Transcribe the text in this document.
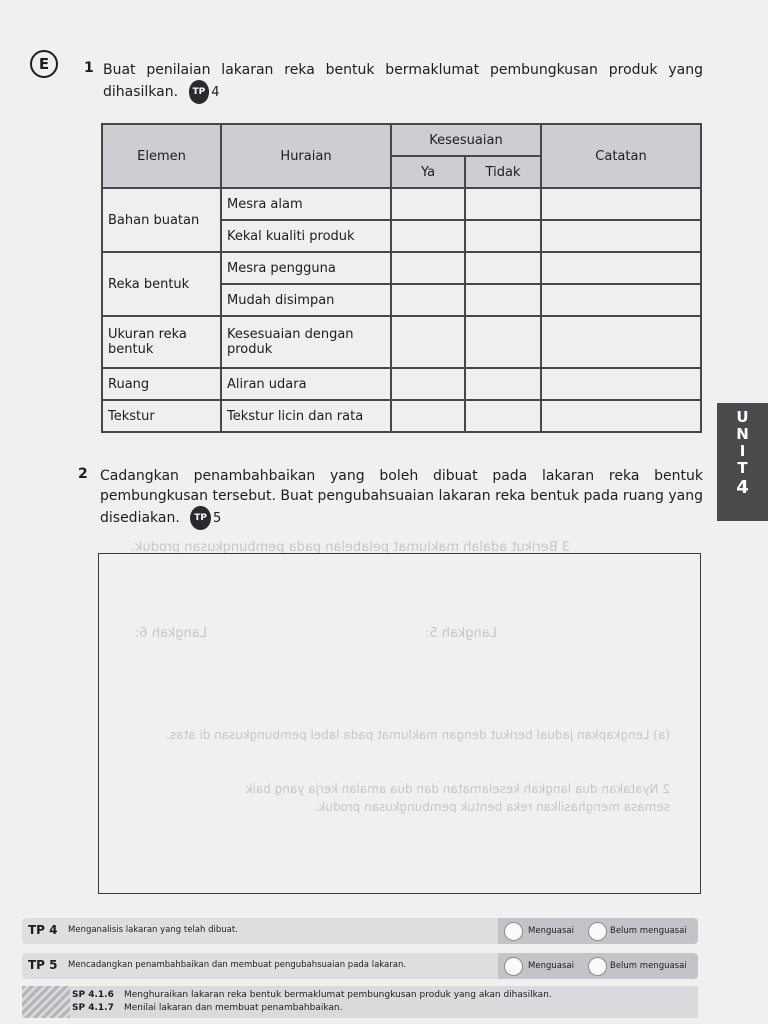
3 Berikut adalah maklumat pelabelan pada pembungkusan produk.
Langkah 5:
Langkah 6:
(a) Lengkapkan jadual berikut dengan maklumat pada label pembungkusan di atas.
2 Nyatakan dua langkah keselamatan dan dua amalan kerja yang baik semasa menghasilkan reka bentuk pembungkusan produk.
E	1 Buat penilaian lakaran reka bentuk bermaklumat pembungkusan produk yang dihasilkan. TP 4
Elemen	Huraian	Kesesuaian		Catatan
		Ya	Tidak	
Bahan buatan	Mesra alam			
	Kekal kualiti produk			
Reka bentuk	Mesra pengguna			
	Mudah disimpan			
Ukuran reka bentuk	Kesesuaian dengan produk			
Ruang	Aliran udara			
Tekstur	Tekstur licin dan rata			
2 Cadangkan penambahbaikan yang boleh dibuat pada lakaran reka bentuk pembungkusan tersebut. Buat pengubahsuaian lakaran reka bentuk pada ruang yang disediakan. TP 5
U
N
I
T
4
TP 4 Menganalisis lakaran yang telah dibuat.	Menguasai	Belum menguasai
TP 5 Mencadangkan penambahbaikan dan membuat pengubahsuaian pada lakaran.	Menguasai	Belum menguasai
SP 4.1.6 Menghuraikan lakaran reka bentuk bermaklumat pembungkusan produk yang akan dihasilkan.
SP 4.1.7 Menilai lakaran dan membuat penambahbaikan.
